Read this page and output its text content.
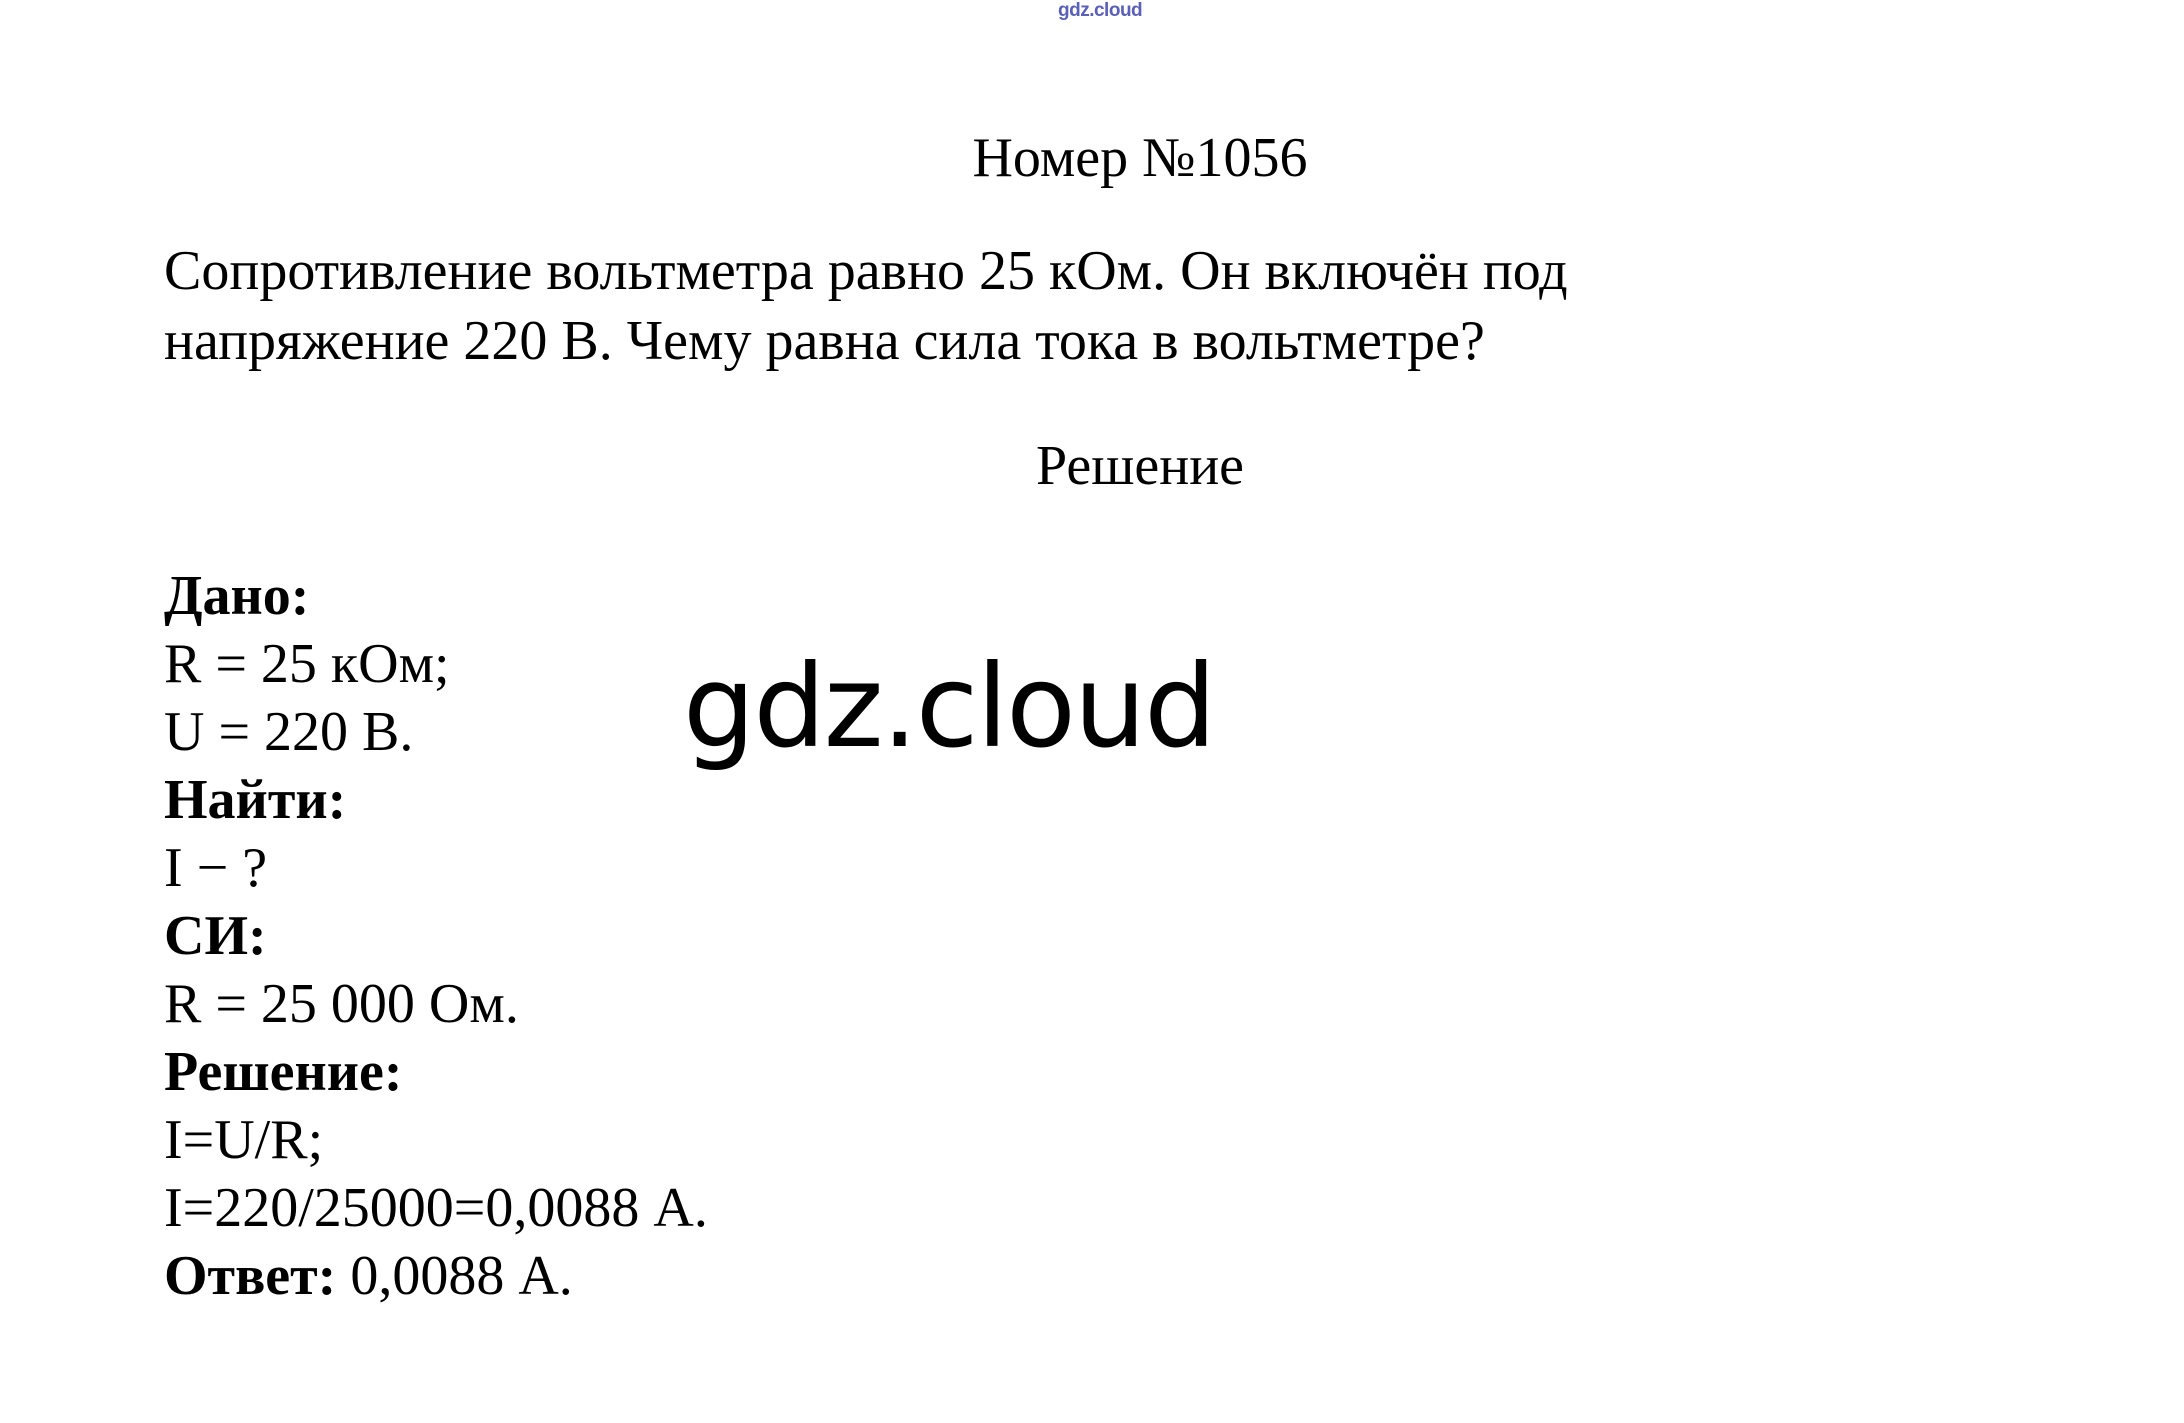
gdz.cloud
Номер №1056
Сопротивление вольтметра равно 25 кОм. Он включён под
напряжение 220 В. Чему равна сила тока в вольтметре?
Решение
Дано:
R = 25 кОм;
U = 220 В.
Найти:
I − ?
СИ:
R = 25 000 Ом.
Решение:
I=U/R;
I=220/25000=0,0088 А.
Ответ: 0,0088 А.
gdz.cloud
